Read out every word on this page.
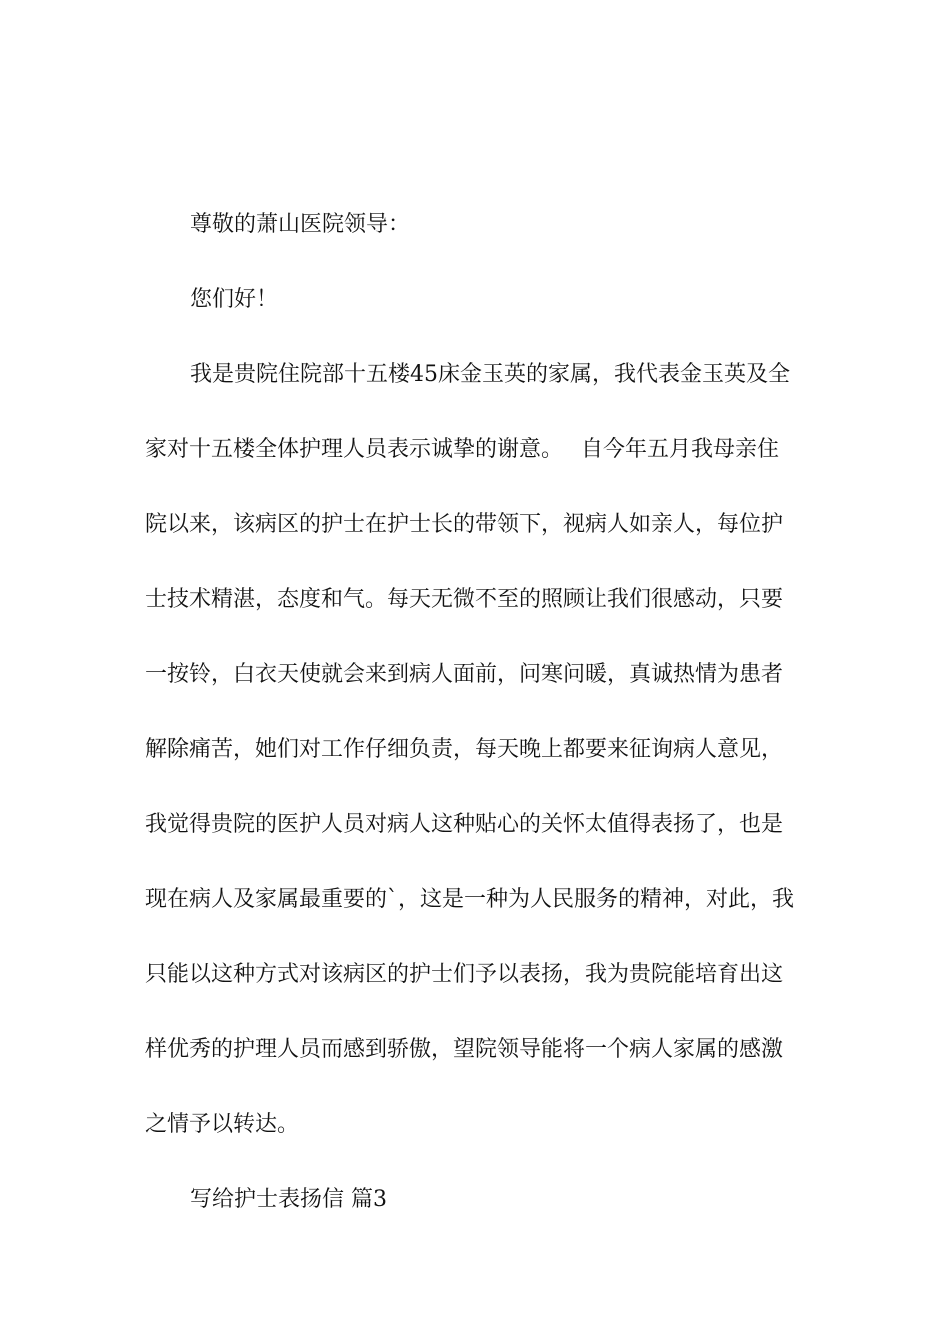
尊敬的萧山医院领导：
您们好！
我是贵院住院部十五楼45床金玉英的家属，我代表金玉英及全
家对十五楼全体护理人员表示诚挚的谢意。　 自今年五月我母亲住
院以来，该病区的护士在护士长的带领下，视病人如亲人，每位护
士技术精湛，态度和气。每天无微不至的照顾让我们很感动，只要
一按铃，白衣天使就会来到病人面前，问寒问暖，真诚热情为患者
解除痛苦，她们对工作仔细负责，每天晚上都要来征询病人意见，
我觉得贵院的医护人员对病人这种贴心的关怀太值得表扬了，也是
现在病人及家属最重要的`，这是一种为人民服务的精神，对此，我
只能以这种方式对该病区的护士们予以表扬，我为贵院能培育出这
样优秀的护理人员而感到骄傲，望院领导能将一个病人家属的感激
之情予以转达。
写给护士表扬信 篇3
